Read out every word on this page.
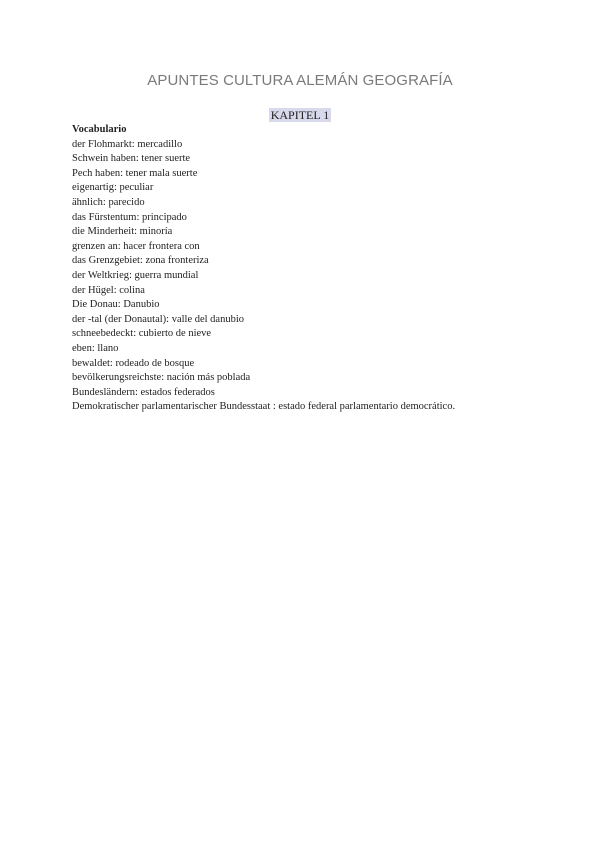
APUNTES CULTURA ALEMÁN GEOGRAFÍA
KAPITEL 1
Vocabulario
der Flohmarkt: mercadillo
Schwein haben: tener suerte
Pech haben: tener mala suerte
eigenartig: peculiar
ähnlich: parecido
das Fürstentum: principado
die Minderheit: minoría
grenzen an: hacer frontera con
das Grenzgebiet: zona fronteriza
der Weltkrieg: guerra mundial
der Hügel: colina
Die Donau: Danubio
der -tal (der Donautal): valle del danubio
schneebedeckt: cubierto de nieve
eben: llano
bewaldet: rodeado de bosque
bevölkerungsreichste: nación más poblada
Bundesländern: estados federados
Demokratischer parlamentarischer Bundesstaat : estado federal parlamentario democrático.
